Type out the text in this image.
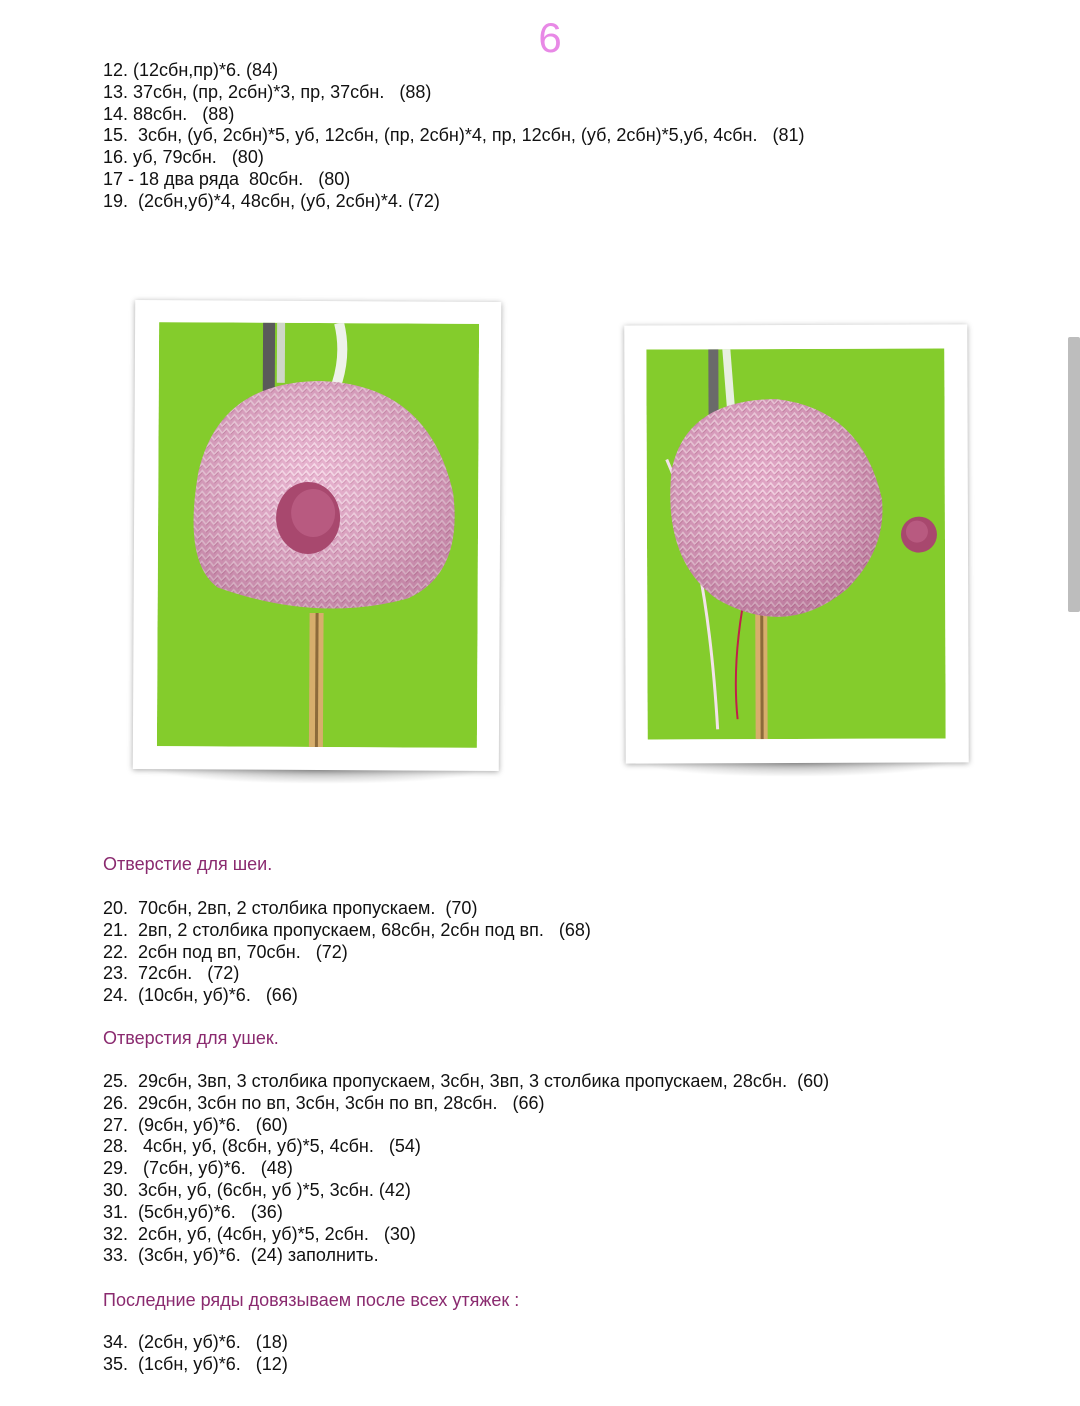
6
12. (12сбн,пр)*6. (84)
13. 37сбн, (пр, 2сбн)*3, пр, 37сбн.   (88)
14. 88сбн.   (88)
15.  3сбн, (уб, 2сбн)*5, уб, 12сбн, (пр, 2сбн)*4, пр, 12сбн, (уб, 2сбн)*5,уб, 4сбн.   (81)
16. уб, 79сбн.   (80)
17 - 18 два ряда  80сбн.   (80)
19.  (2сбн,уб)*4, 48сбн, (уб, 2сбн)*4. (72)
Отверстие для шеи.
20.  70сбн, 2вп, 2 столбика пропускаем.  (70)
21.  2вп, 2 столбика пропускаем, 68сбн, 2сбн под вп.   (68)
22.  2сбн под вп, 70сбн.   (72)
23.  72сбн.   (72)
24.  (10сбн, уб)*6.   (66)
Отверстия для ушек.
25.  29сбн, 3вп, 3 столбика пропускаем, 3сбн, 3вп, 3 столбика пропускаем, 28сбн.  (60)
26.  29сбн, 3сбн по вп, 3сбн, 3сбн по вп, 28сбн.   (66)
27.  (9сбн, уб)*6.   (60)
28.   4сбн, уб, (8сбн, уб)*5, 4сбн.   (54)
29.   (7сбн, уб)*6.   (48)
30.  3сбн, уб, (6сбн, уб )*5, 3сбн. (42)
31.  (5сбн,уб)*6.   (36)
32.  2сбн, уб, (4сбн, уб)*5, 2сбн.   (30)
33.  (3сбн, уб)*6.  (24) заполнить.
Последние ряды довязываем после всех утяжек :
34.  (2сбн, уб)*6.   (18)
35.  (1сбн, уб)*6.   (12)
